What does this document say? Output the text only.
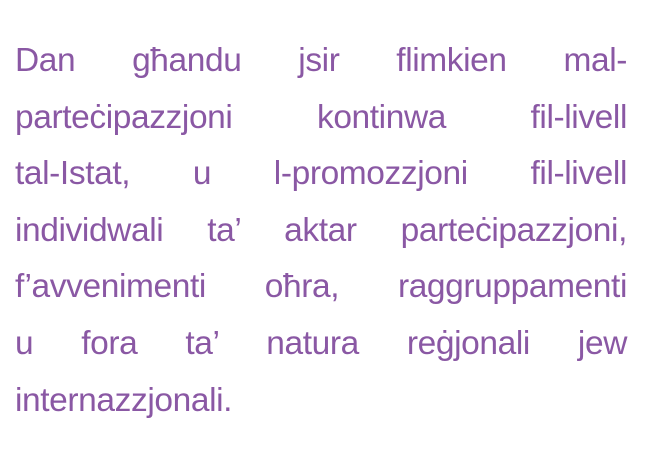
Dan għandu jsir flimkien mal-
parteċipazzjoni kontinwa fil-livell
tal-Istat, u l-promozzjoni fil-livell
individwali ta’ aktar parteċipazzjoni,
f’avvenimenti oħra, raggruppamenti
u fora ta’ natura reġjonali jew
internazzjonali.
